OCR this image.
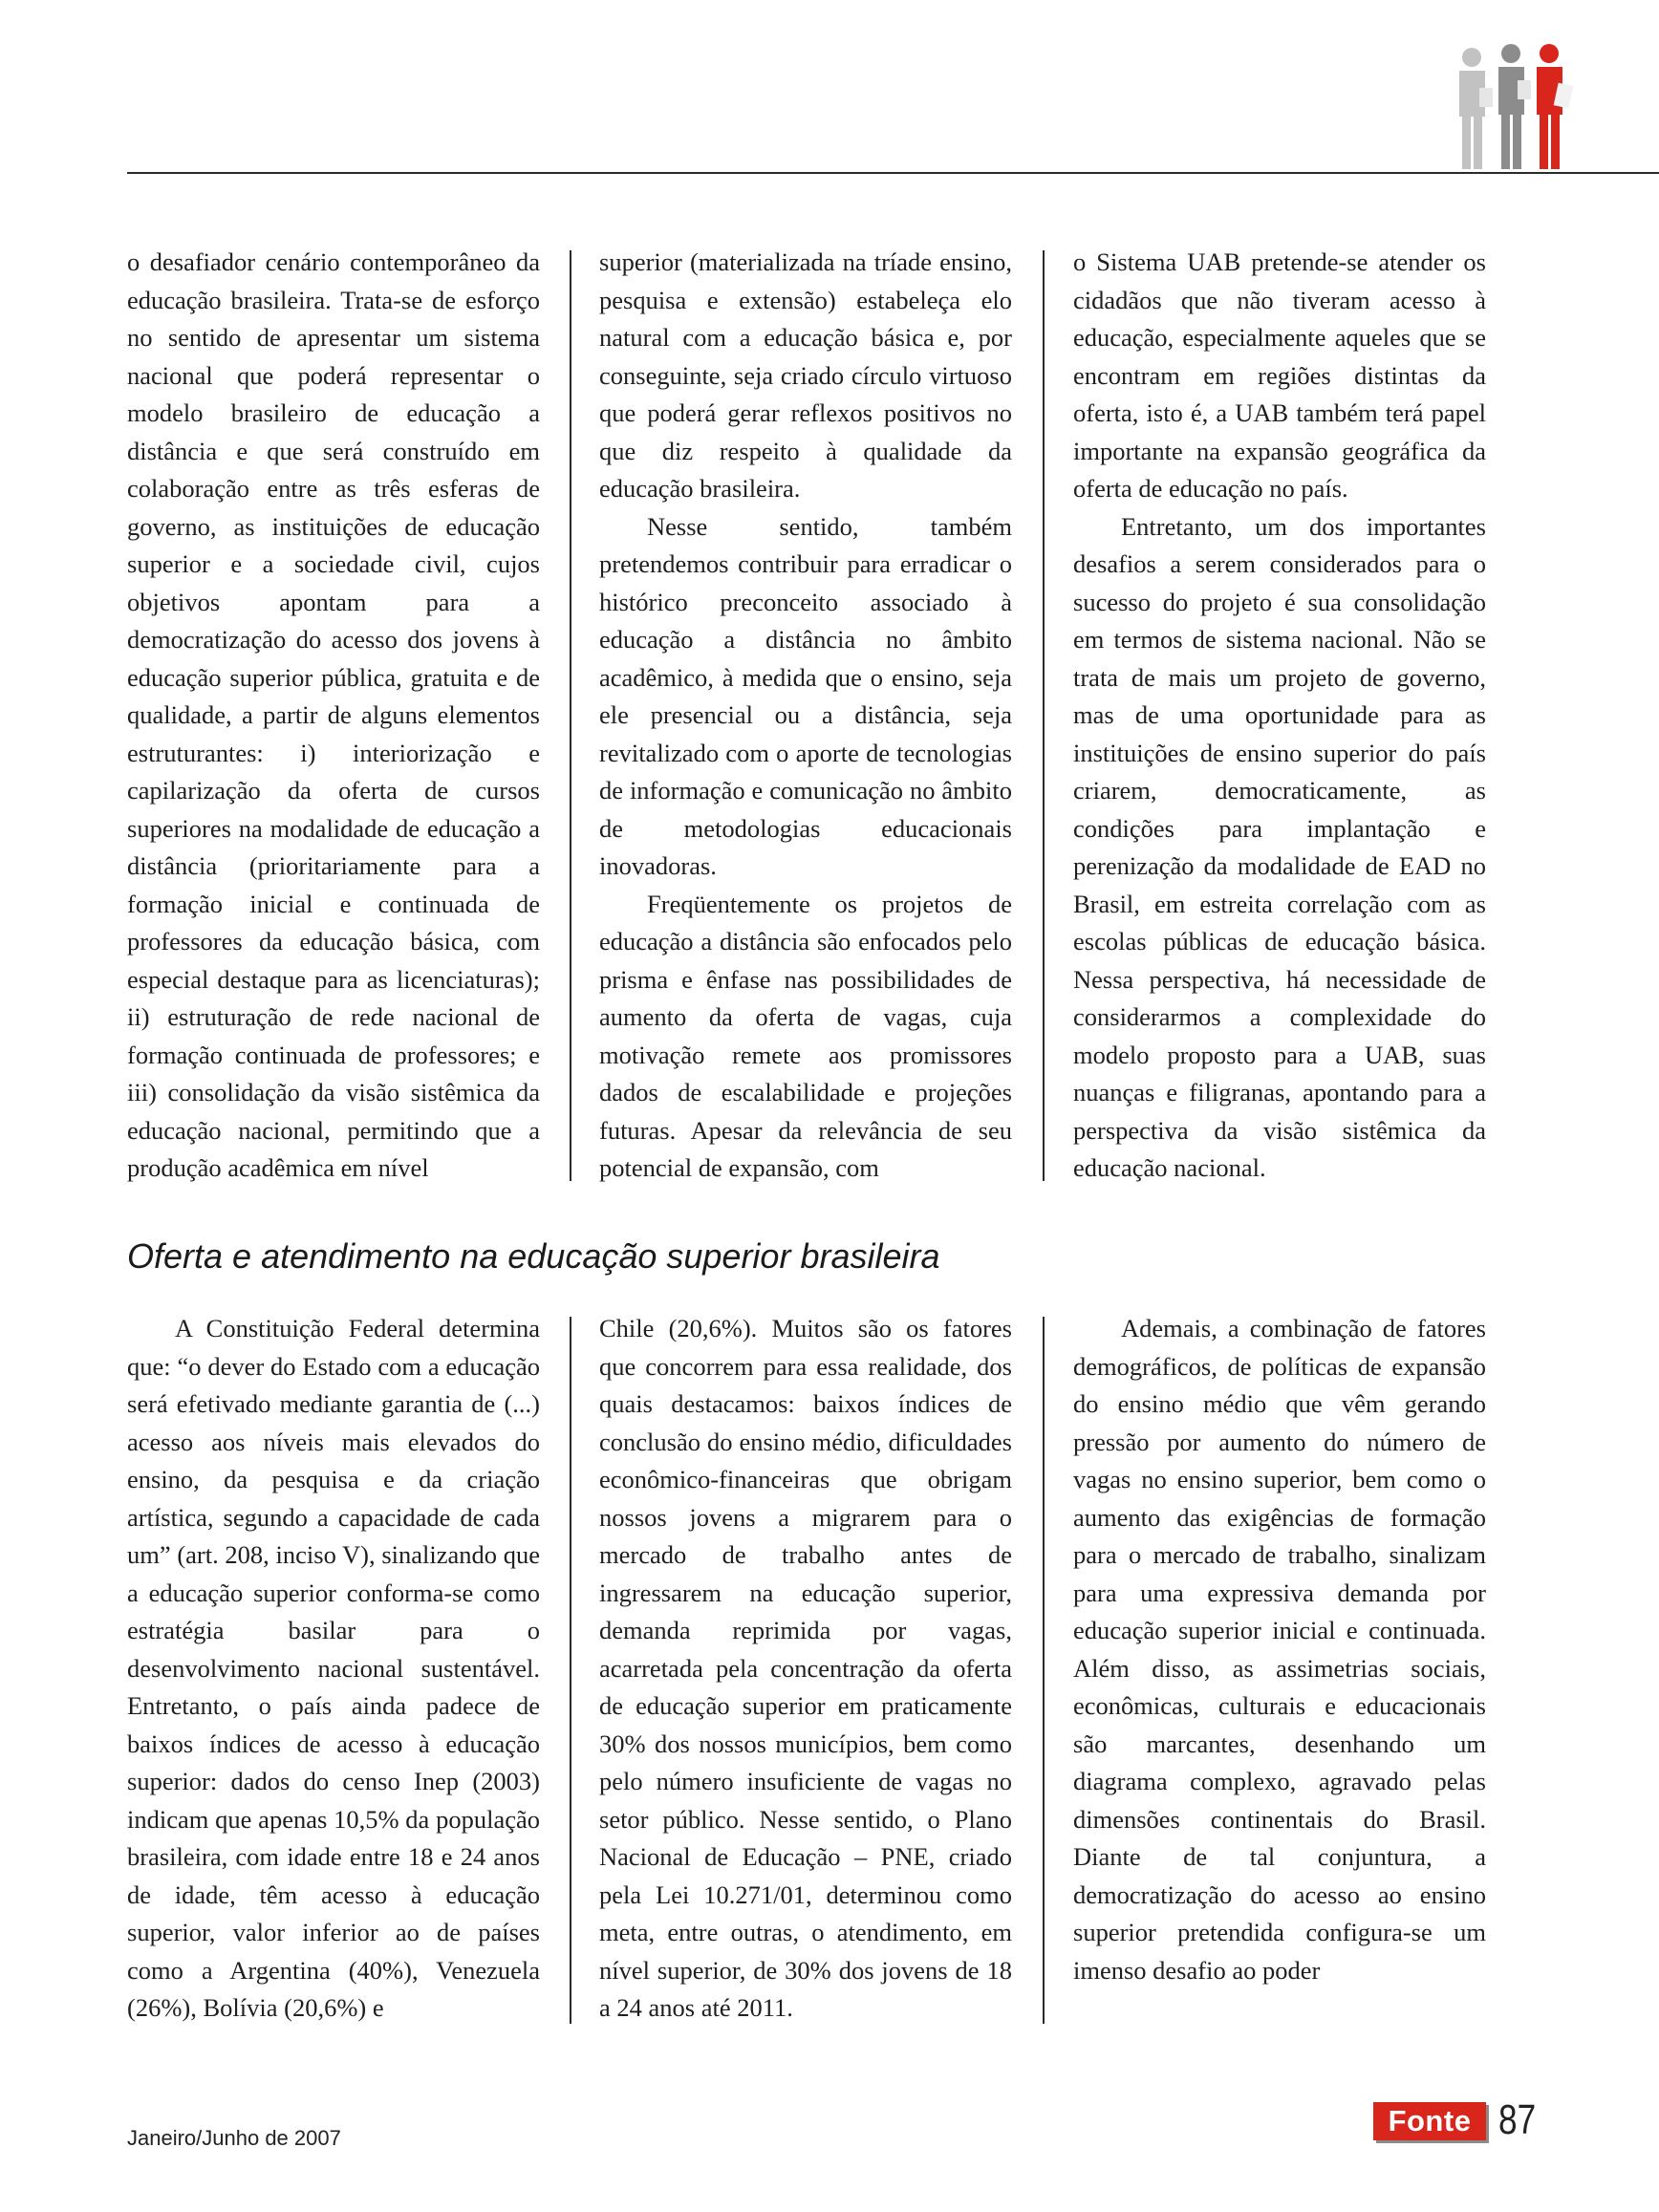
o desafiador cenário contemporâneo da educação brasileira. Trata-se de esforço no sentido de apresentar um sistema nacional que poderá representar o modelo brasileiro de educação a distância e que será construído em colaboração entre as três esferas de governo, as instituições de educação superior e a sociedade civil, cujos objetivos apontam para a democratização do acesso dos jovens à educação superior pública, gratuita e de qualidade, a partir de alguns elementos estruturantes: i) interiorização e capilarização da oferta de cursos superiores na modalidade de educação a distância (prioritariamente para a formação inicial e continuada de professores da educação básica, com especial destaque para as licenciaturas); ii) estruturação de rede nacional de formação continuada de professores; e iii) consolidação da visão sistêmica da educação nacional, permitindo que a produção acadêmica em nível

superior (materializada na tríade ensino, pesquisa e extensão) estabeleça elo natural com a educação básica e, por conseguinte, seja criado círculo virtuoso que poderá gerar reflexos positivos no que diz respeito à qualidade da educação brasileira.

Nesse sentido, também pretendemos contribuir para erradicar o histórico preconceito associado à educação a distância no âmbito acadêmico, à medida que o ensino, seja ele presencial ou a distância, seja revitalizado com o aporte de tecnologias de informação e comunicação no âmbito de metodologias educacionais inovadoras.

Freqüentemente os projetos de educação a distância são enfocados pelo prisma e ênfase nas possibilidades de aumento da oferta de vagas, cuja motivação remete aos promissores dados de escalabilidade e projeções futuras. Apesar da relevância de seu potencial de expansão, com

o Sistema UAB pretende-se atender os cidadãos que não tiveram acesso à educação, especialmente aqueles que se encontram em regiões distintas da oferta, isto é, a UAB também terá papel importante na expansão geográfica da oferta de educação no país.

Entretanto, um dos importantes desafios a serem considerados para o sucesso do projeto é sua consolidação em termos de sistema nacional. Não se trata de mais um projeto de governo, mas de uma oportunidade para as instituições de ensino superior do país criarem, democraticamente, as condições para implantação e perenização da modalidade de EAD no Brasil, em estreita correlação com as escolas públicas de educação básica. Nessa perspectiva, há necessidade de considerarmos a complexidade do modelo proposto para a UAB, suas nuanças e filigranas, apontando para a perspectiva da visão sistêmica da educação nacional.

Oferta e atendimento na educação superior brasileira

A Constituição Federal determina que: “o dever do Estado com a educação será efetivado mediante garantia de (...) acesso aos níveis mais elevados do ensino, da pesquisa e da criação artística, segundo a capacidade de cada um” (art. 208, inciso V), sinalizando que a educação superior conforma-se como estratégia basilar para o desenvolvimento nacional sustentável. Entretanto, o país ainda padece de baixos índices de acesso à educação superior: dados do censo Inep (2003) indicam que apenas 10,5% da população brasileira, com idade entre 18 e 24 anos de idade, têm acesso à educação superior, valor inferior ao de países como a Argentina (40%), Venezuela (26%), Bolívia (20,6%) e

Chile (20,6%). Muitos são os fatores que concorrem para essa realidade, dos quais destacamos: baixos índices de conclusão do ensino médio, dificuldades econômico-financeiras que obrigam nossos jovens a migrarem para o mercado de trabalho antes de ingressarem na educação superior, demanda reprimida por vagas, acarretada pela concentração da oferta de educação superior em praticamente 30% dos nossos municípios, bem como pelo número insuficiente de vagas no setor público. Nesse sentido, o Plano Nacional de Educação – PNE, criado pela Lei 10.271/01, determinou como meta, entre outras, o atendimento, em nível superior, de 30% dos jovens de 18 a 24 anos até 2011.

Ademais, a combinação de fatores demográficos, de políticas de expansão do ensino médio que vêm gerando pressão por aumento do número de vagas no ensino superior, bem como o aumento das exigências de formação para o mercado de trabalho, sinalizam para uma expressiva demanda por educação superior inicial e continuada. Além disso, as assimetrias sociais, econômicas, culturais e educacionais são marcantes, desenhando um diagrama complexo, agravado pelas dimensões continentais do Brasil. Diante de tal conjuntura, a democratização do acesso ao ensino superior pretendida configura-se um imenso desafio ao poder

Janeiro/Junho de 2007
Fonte 87
